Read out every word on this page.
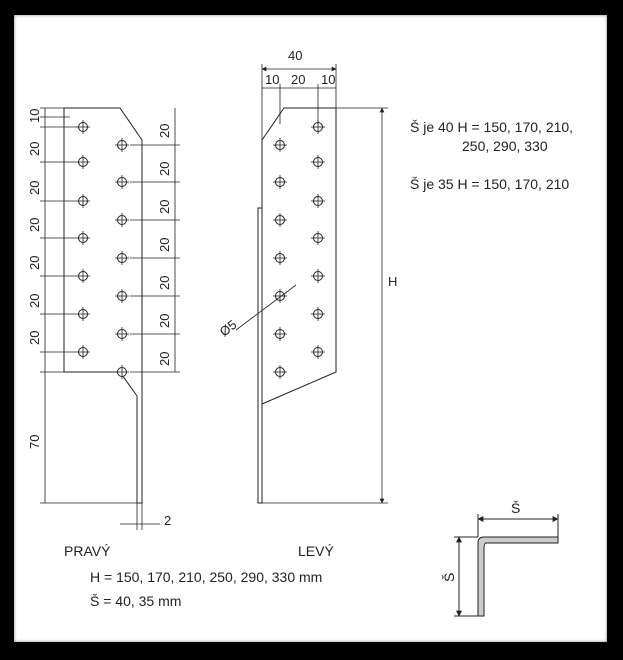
10
20
20
20
20
20
20
70
20
20
20
20
20
20
20
2
PRAVÝ
40
10 20 10
H
Ø5
LEVÝ
Š je 40 H = 150, 170, 210,
250, 290, 330
Š je 35 H = 150, 170, 210
H = 150, 170, 210, 250, 290, 330 mm
Š = 40, 35 mm
Š
Š
